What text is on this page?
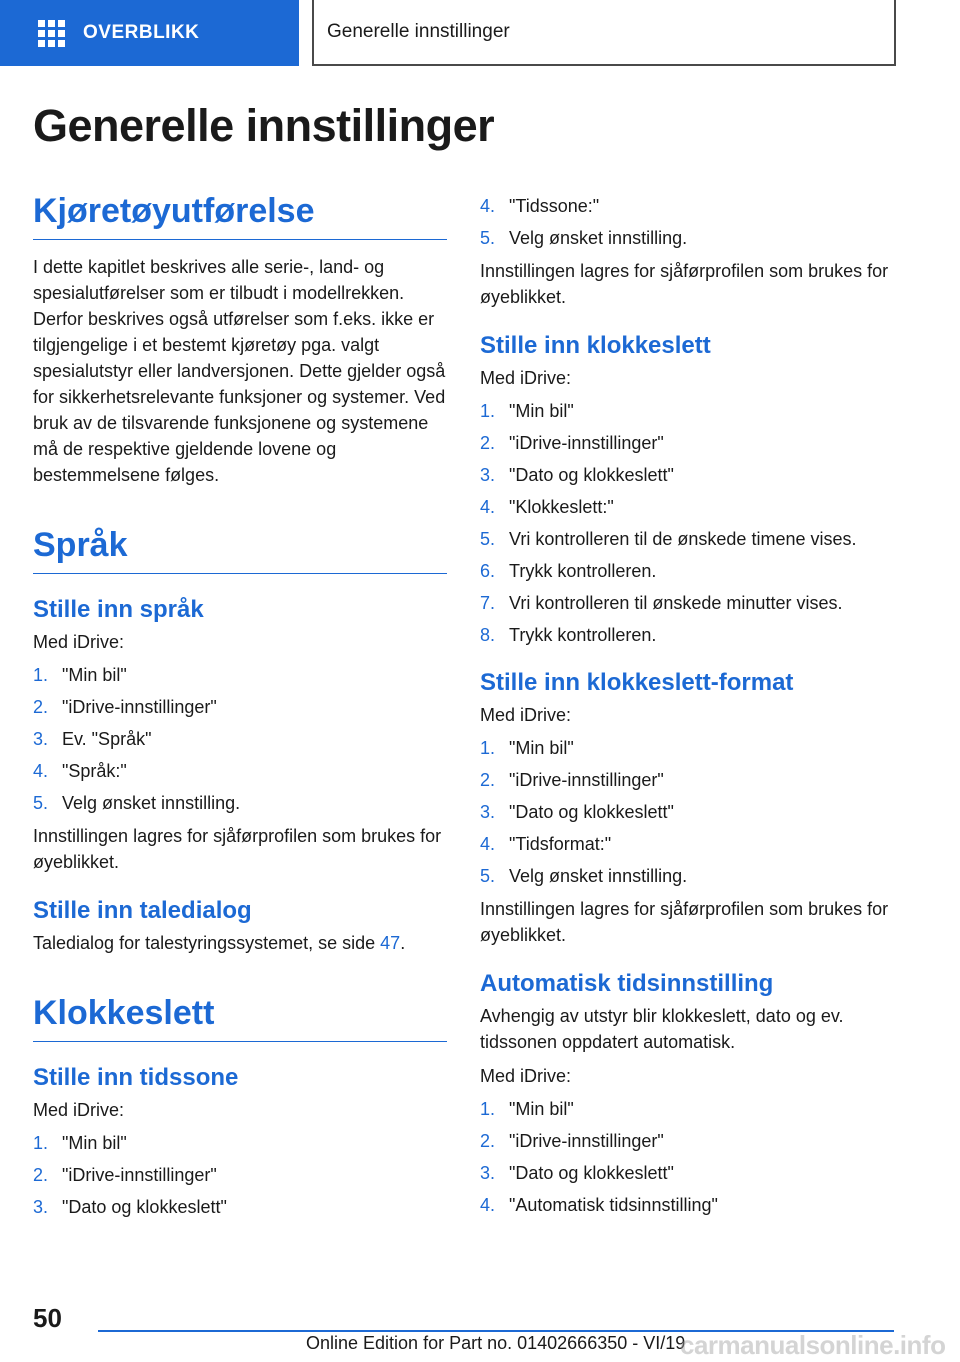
OVERBLIKK	Generelle innstillinger
Generelle innstillinger
Kjøretøyutførelse

I dette kapitlet beskrives alle serie-, land- og spesialutførelser som er tilbudt i modellrekken. Derfor beskrives også utførelser som f.eks. ikke er tilgjengelige i et bestemt kjøretøy pga. valgt spesialutstyr eller landversjonen. Dette gjelder også for sikkerhetsrelevante funksjoner og systemer. Ved bruk av de tilsvarende funksjonene og systemene må de respektive gjeldende lovene og bestemmelsene følges.

Språk
Stille inn språk

Med iDrive:

1. "Min bil"
2. "iDrive-innstillinger"
3. Ev. "Språk"
4. "Språk:"
5. Velg ønsket innstilling.

Innstillingen lagres for sjåførprofilen som brukes for øyeblikket.

Stille inn taledialog

Taledialog for talestyringssystemet, se side 47.

Klokkeslett
Stille inn tidssone

Med iDrive:

1. "Min bil"
2. "iDrive-innstillinger"
3. "Dato og klokkeslett"
4. "Tidssone:"
5. Velg ønsket innstilling.

Innstillingen lagres for sjåførprofilen som brukes for øyeblikket.

Stille inn klokkeslett

Med iDrive:

1. "Min bil"
2. "iDrive-innstillinger"
3. "Dato og klokkeslett"
4. "Klokkeslett:"
5. Vri kontrolleren til de ønskede timene vises.
6. Trykk kontrolleren.
7. Vri kontrolleren til ønskede minutter vises.
8. Trykk kontrolleren.
Stille inn klokkeslett-format

Med iDrive:

1. "Min bil"
2. "iDrive-innstillinger"
3. "Dato og klokkeslett"
4. "Tidsformat:"
5. Velg ønsket innstilling.

Innstillingen lagres for sjåførprofilen som brukes for øyeblikket.

Automatisk tidsinnstilling

Avhengig av utstyr blir klokkeslett, dato og ev. tidssonen oppdatert automatisk.

Med iDrive:

1. "Min bil"
2. "iDrive-innstillinger"
3. "Dato og klokkeslett"
4. "Automatisk tidsinnstilling"
50
Online Edition for Part no. 01402666350 - VI/19
carmanualsonline.info
